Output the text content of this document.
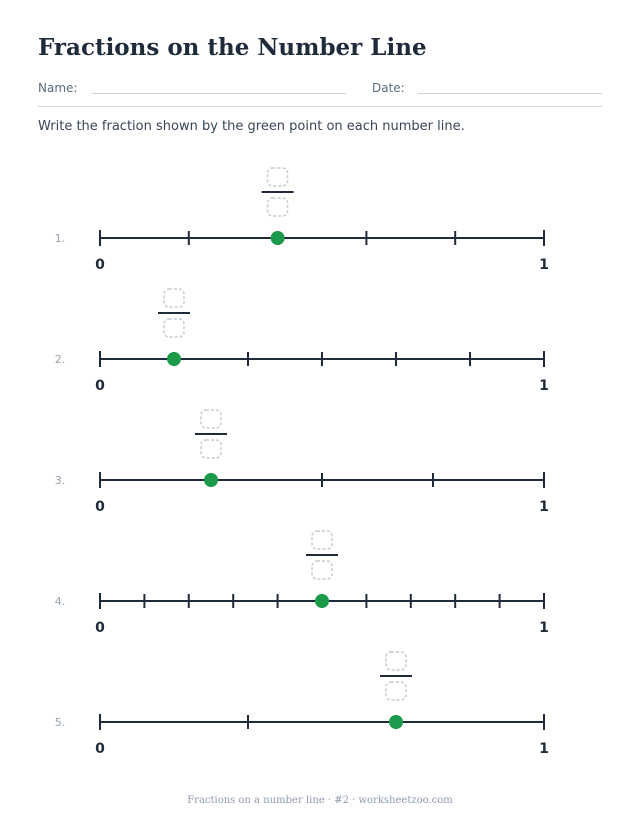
Fractions on the Number Line
Name:	Date:
Write the fraction shown by the green point on each number line.
1.
0	1
2.
0	1
3.
0	1
4.
0	1
5.
0	1
Fractions on a number line · #2 · worksheetzoo.com
